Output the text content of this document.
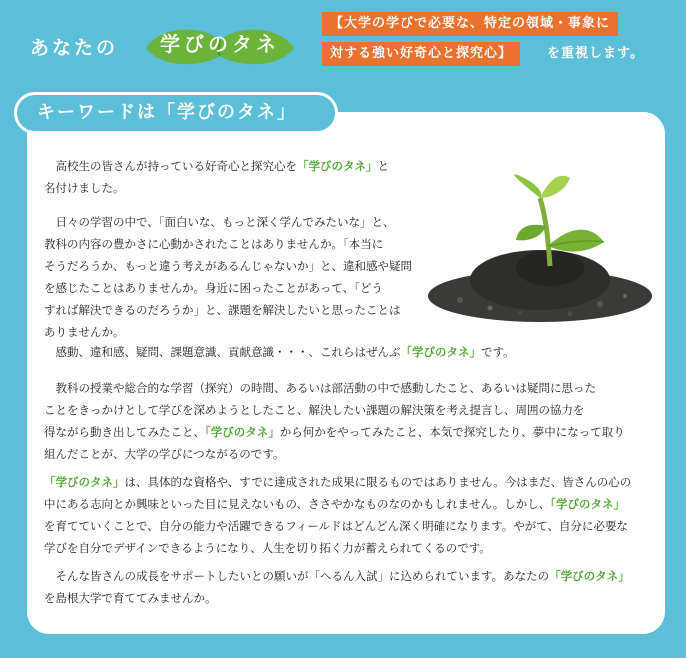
あなたの	学びのタネ
【大学の学びで必要な、特定の領域・事象に
対する強い好奇心と探究心】	を重視します。
キーワードは「学びのタネ」
　高校生の皆さんが持っている好奇心と探究心を「学びのタネ」と
名付けました。
　日々の学習の中で、「面白いな、もっと深く学んでみたいな」と、
教科の内容の豊かさに心動かされたことはありませんか。「本当に
そうだろうか、もっと違う考えがあるんじゃないか」と、違和感や疑問
を感じたことはありませんか。身近に困ったことがあって、「どう
すれば解決できるのだろうか」と、課題を解決したいと思ったことは
ありませんか。
　感動、違和感、疑問、課題意識、貢献意識・・・、これらはぜんぶ「学びのタネ」です。
　教科の授業や総合的な学習（探究）の時間、あるいは部活動の中で感動したこと、あるいは疑問に思った
ことをきっかけとして学びを深めようとしたこと、解決したい課題の解決策を考え提言し、周囲の協力を
得ながら動き出してみたこと、「学びのタネ」から何かをやってみたこと、本気で探究したり、夢中になって取り
組んだことが、大学の学びにつながるのです。
「学びのタネ」は、具体的な資格や、すでに達成された成果に限るものではありません。今はまだ、皆さんの心の
中にある志向とか興味といった目に見えないもの、ささやかなものなのかもしれません。しかし、「学びのタネ」
を育てていくことで、自分の能力や活躍できるフィールドはどんどん深く明確になります。やがて、自分に必要な
学びを自分でデザインできるようになり、人生を切り拓く力が蓄えられてくるのです。
　そんな皆さんの成長をサポートしたいとの願いが「へるん入試」に込められています。あなたの「学びのタネ」
を島根大学で育ててみませんか。
